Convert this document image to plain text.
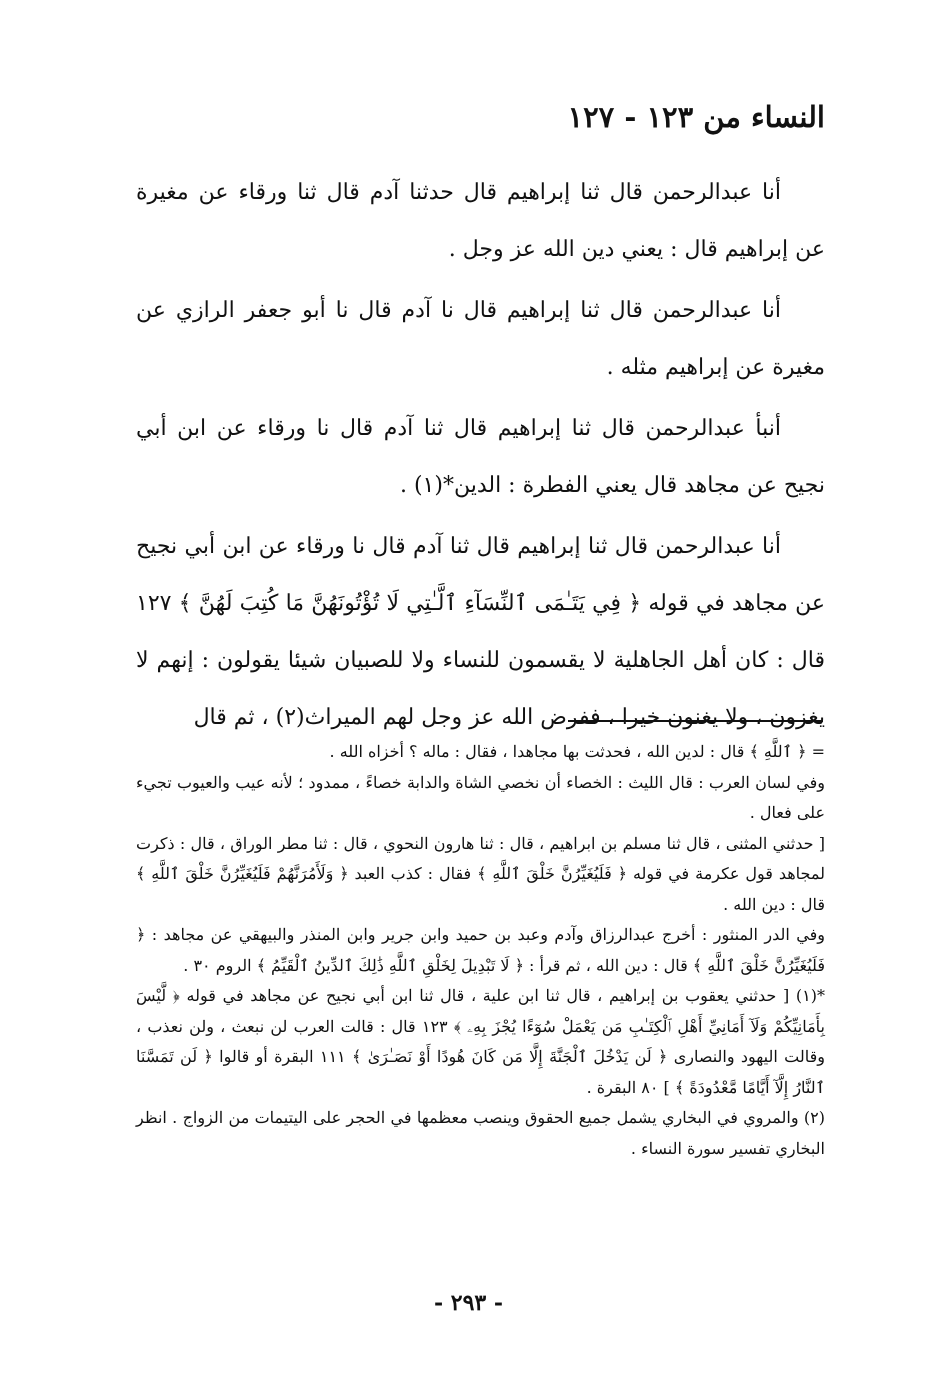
النساء من ١٢٣ - ١٢٧

أنا عبدالرحمن قال ثنا إبراهيم قال حدثنا آدم قال ثنا ورقاء عن مغيرة عن إبراهيم قال : يعني دين الله عز وجل .

أنا عبدالرحمن قال ثنا إبراهيم قال نا آدم قال نا أبو جعفر الرازي عن مغيرة عن إبراهيم مثله .

أنبأ عبدالرحمن قال ثنا إبراهيم قال ثنا آدم قال نا ورقاء عن ابن أبي نجيح عن مجاهد قال يعني الفطرة : الدين*(١) .

أنا عبدالرحمن قال ثنا إبراهيم قال ثنا آدم قال نا ورقاء عن ابن أبي نجيح عن مجاهد في قوله ﴿ فِي يَتَـٰمَى ٱلنِّسَآءِ ٱلَّـٰتِي لَا تُؤْتُونَهُنَّ مَا كُتِبَ لَهُنَّ ﴾ ١٢٧ قال : كان أهل الجاهلية لا يقسمون للنساء ولا للصبيان شيئا يقولون : إنهم لا يغزون ، ولا يغنون خيرا ، ففرض الله عز وجل لهم الميراث(٢) ، ثم قال

= ﴿ ٱللَّهِ ﴾ قال : لدين الله ، فحدثت بها مجاهدا ، فقال : ماله ؟ أخزاه الله .

وفي لسان العرب : قال الليث : الخصاء أن نخصي الشاة والدابة خصاءً ، ممدود ؛ لأنه عيب والعيوب تجيء على فعال .

[ حدثني المثنى ، قال ثنا مسلم بن ابراهيم ، قال : ثنا هارون النحوي ، قال : ثنا مطر الوراق ، قال : ذكرت لمجاهد قول عكرمة في قوله ﴿ فَلَيُغَيِّرُنَّ خَلْقَ ٱللَّهِ ﴾ فقال : كذب العبد ﴿ وَلَأَمُرَنَّهُمْ فَلَيُغَيِّرُنَّ خَلْقَ ٱللَّهِ ﴾ قال : دين الله .

وفي الدر المنثور : أخرج عبدالرزاق وآدم وعبد بن حميد وابن جرير وابن المنذر والبيهقي عن مجاهد : ﴿ فَلَيُغَيِّرُنَّ خَلْقَ ٱللَّهِ ﴾ قال : دين الله ، ثم قرأ : ﴿ لَا تَبْدِيلَ لِخَلْقِ ٱللَّهِ ذَٰلِكَ ٱلدِّينُ ٱلْقَيِّمُ ﴾ الروم ٣٠ .

*(١) [ حدثني يعقوب بن إبراهيم ، قال ثنا ابن علية ، قال ثنا ابن أبي نجيح عن مجاهد في قوله ﴿ لَّيْسَ بِأَمَانِيِّكُمْ وَلَآ أَمَانِيِّ أَهْلِ ٱلْكِتَـٰبِ مَن يَعْمَلْ سُوٓءًا يُجْزَ بِهِۦ ﴾ ١٢٣ قال : قالت العرب لن نبعث ، ولن نعذب ، وقالت اليهود والنصارى ﴿ لَن يَدْخُلَ ٱلْجَنَّةَ إِلَّا مَن كَانَ هُودًا أَوْ نَصَـٰرَىٰ ﴾ ١١١ البقرة أو قالوا ﴿ لَن تَمَسَّنَا ٱلنَّارُ إِلَّآ أَيَّامًا مَّعْدُودَةً ﴾ ] ٨٠ البقرة .

(٢) والمروي في البخاري يشمل جميع الحقوق وينصب معظمها في الحجر على اليتيمات من الزواج . انظر البخاري تفسير سورة النساء .

- ٢٩٣ -
